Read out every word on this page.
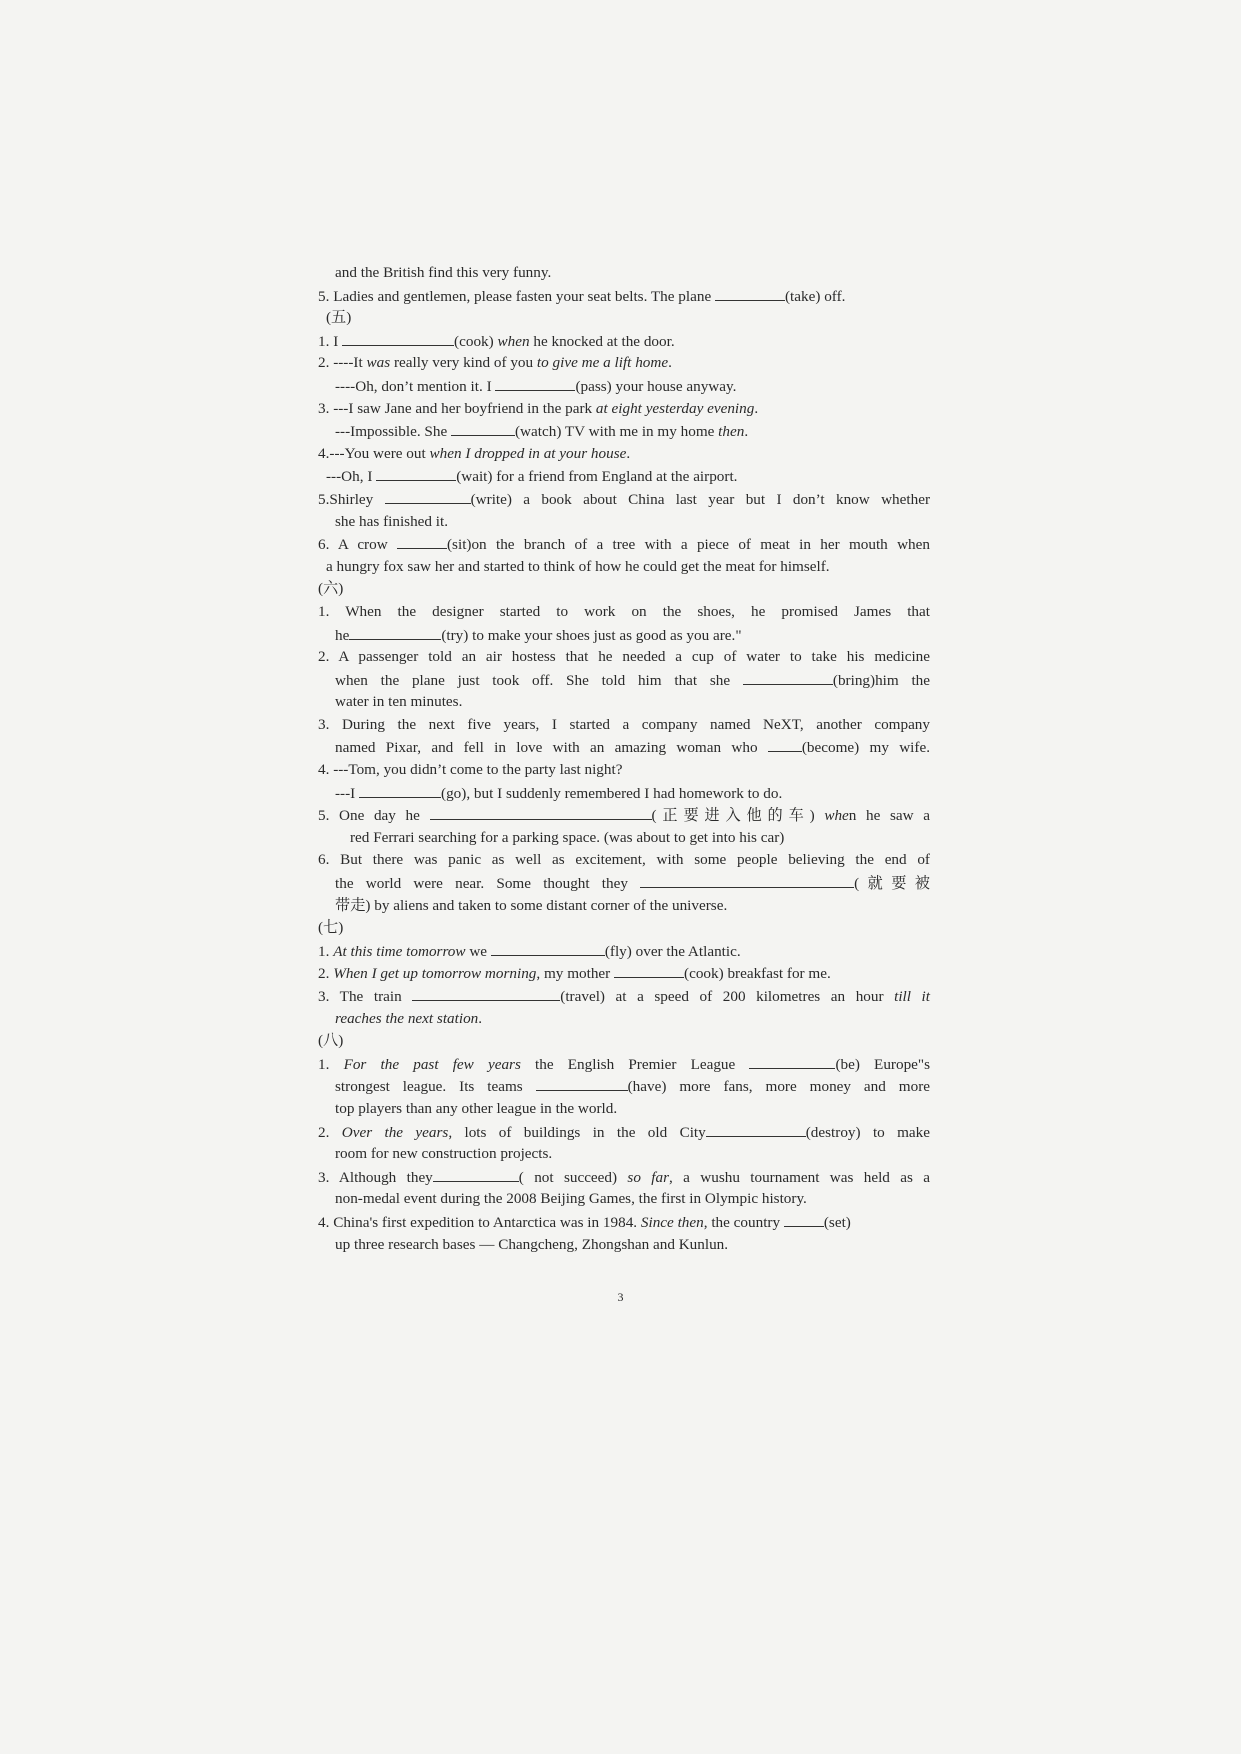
and the British find this very funny.
5. Ladies and gentlemen, please fasten your seat belts. The plane	(take) off.
(五)
1. I	(cook) when he knocked at the door.
2. ----It was really very kind of you to give me a lift home.
----Oh, don’t mention it. I	(pass) your house anyway.
3. ---I saw Jane and her boyfriend in the park at eight yesterday evening.
---Impossible. She	(watch) TV with me in my home then.
4.---You were out when I dropped in at your house.
---Oh, I	(wait) for a friend from England at the airport.
5.Shirley	(write) a book about China last year but I don’t know whether
she has finished it.
6. A crow	(sit)on the branch of a tree with a piece of meat in her mouth when
a hungry fox saw her and started to think of how he could get the meat for himself.
(六)
1. When the designer started to work on the shoes, he promised James that
he	(try) to make your shoes just as good as you are."
2. A passenger told an air hostess that he needed a cup of water to take his medicine
when the plane just took off. She told him that she	(bring)him the
water in ten minutes.
3. During the next five years, I started a company named NeXT, another company
named Pixar, and fell in love with an amazing woman who (become) my wife.
4. ---Tom, you didn’t come to the party last night?
---I	(go), but I suddenly remembered I had homework to do.
5. One day he	(正要进入他的车) when he saw a
red Ferrari searching for a parking space. (was about to get into his car)
6. But there was panic as well as excitement, with some people believing the end of
the world were near. Some thought they	(就要被
带走) by aliens and taken to some distant corner of the universe.
(七)
1. At this time tomorrow we	(fly) over the Atlantic.
2. When I get up tomorrow morning, my mother	(cook) breakfast for me.
3. The train	(travel) at a speed of 200 kilometres an hour till it
reaches the next station.
(八)
1. For the past few years the English Premier League	(be) Europe"s
strongest league. Its teams	(have) more fans, more money and more
top players than any other league in the world.
2. Over the years, lots of buildings in the old City	(destroy) to make
room for new construction projects.
3. Although they	( not succeed) so far, a wushu tournament was held as a
non-medal event during the 2008 Beijing Games, the first in Olympic history.
4. China's first expedition to Antarctica was in 1984. Since then, the country	(set)
up three research bases — Changcheng, Zhongshan and Kunlun.
3
